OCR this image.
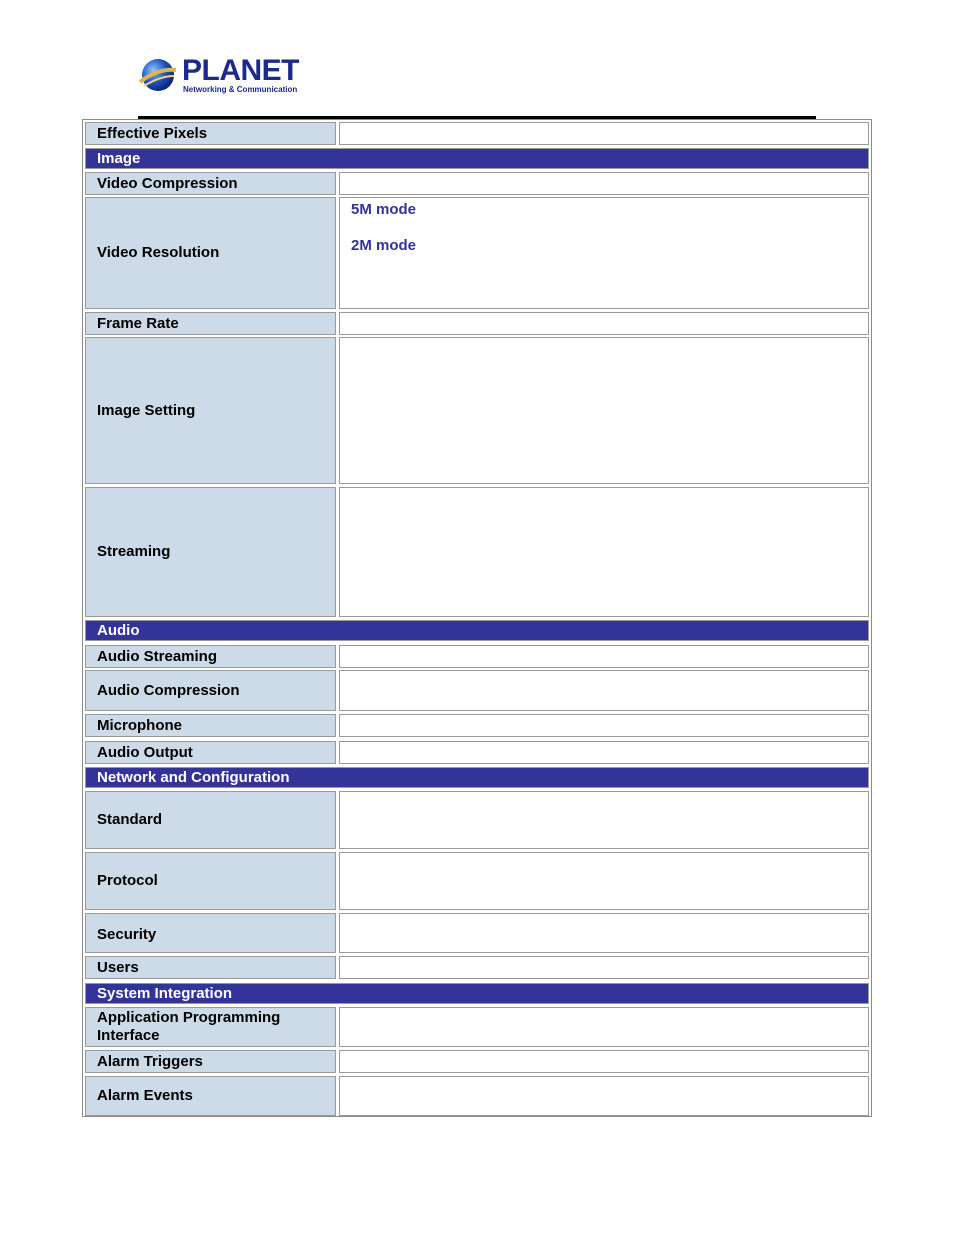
PLANET
Networking & Communication
Effective Pixels
Image
Video Compression
Video Resolution
5M mode
2M mode
Frame Rate
Image Setting
Streaming
Audio
Audio Streaming
Audio Compression
Microphone
Audio Output
Network and Configuration
Standard
Protocol
Security
Users
System Integration
Application Programming Interface
Alarm Triggers
Alarm Events
